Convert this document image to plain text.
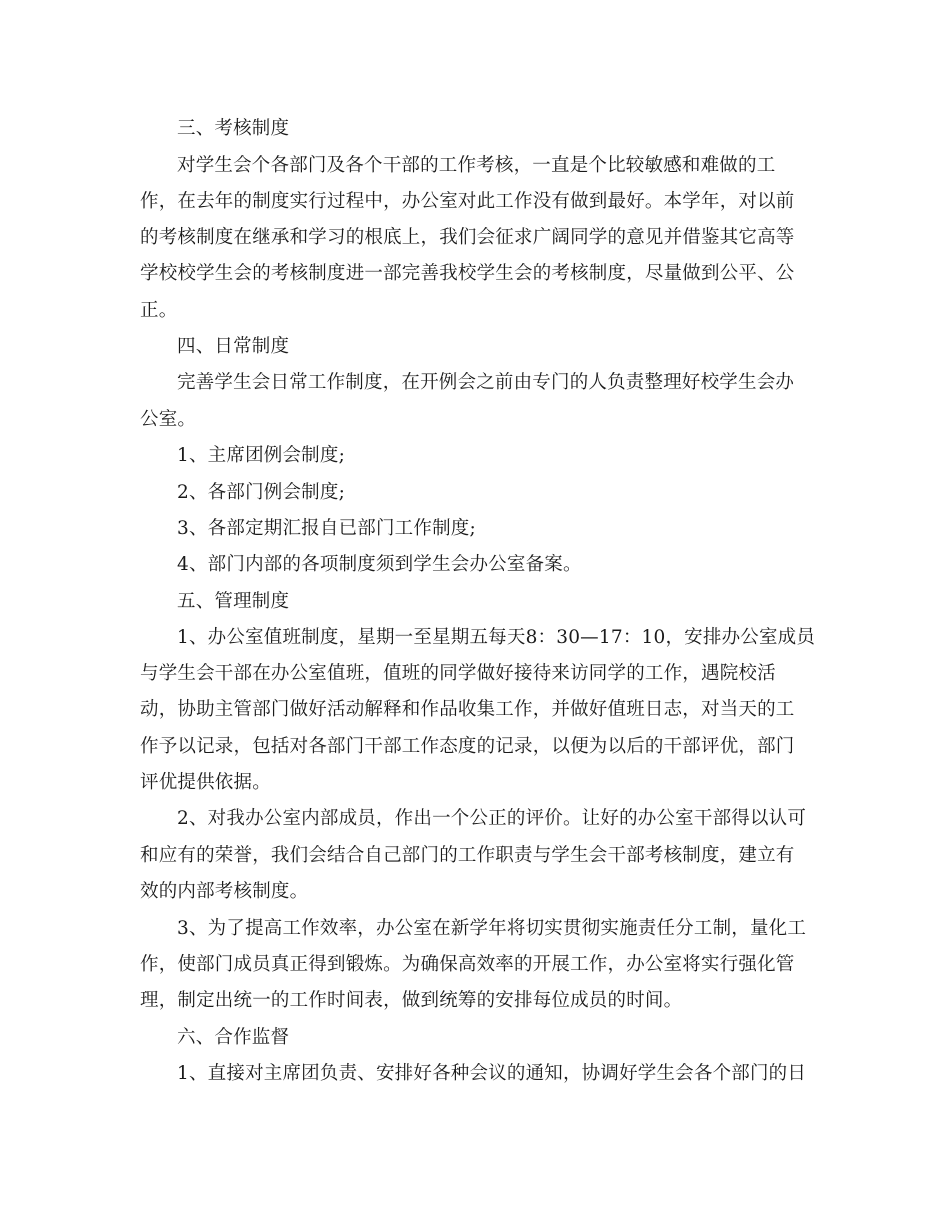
三、考核制度
对学生会个各部门及各个干部的工作考核，一直是个比较敏感和难做的工
作，在去年的制度实行过程中，办公室对此工作没有做到最好。本学年，对以前
的考核制度在继承和学习的根底上，我们会征求广阔同学的意见并借鉴其它高等
学校校学生会的考核制度进一部完善我校学生会的考核制度，尽量做到公平、公
正。
四、日常制度
完善学生会日常工作制度，在开例会之前由专门的人负责整理好校学生会办
公室。
1、主席团例会制度;
2、各部门例会制度;
3、各部定期汇报自已部门工作制度;
4、部门内部的各项制度须到学生会办公室备案。
五、管理制度
1、办公室值班制度，星期一至星期五每天8：30—17：10，安排办公室成员
与学生会干部在办公室值班，值班的同学做好接待来访同学的工作，遇院校活
动，协助主管部门做好活动解释和作品收集工作，并做好值班日志，对当天的工
作予以记录，包括对各部门干部工作态度的记录，以便为以后的干部评优，部门
评优提供依据。
2、对我办公室内部成员，作出一个公正的评价。让好的办公室干部得以认可
和应有的荣誉，我们会结合自己部门的工作职责与学生会干部考核制度，建立有
效的内部考核制度。
3、为了提高工作效率，办公室在新学年将切实贯彻实施责任分工制，量化工
作，使部门成员真正得到锻炼。为确保高效率的开展工作，办公室将实行强化管
理，制定出统一的工作时间表，做到统筹的安排每位成员的时间。
六、合作监督
1、直接对主席团负责、安排好各种会议的通知，协调好学生会各个部门的日
